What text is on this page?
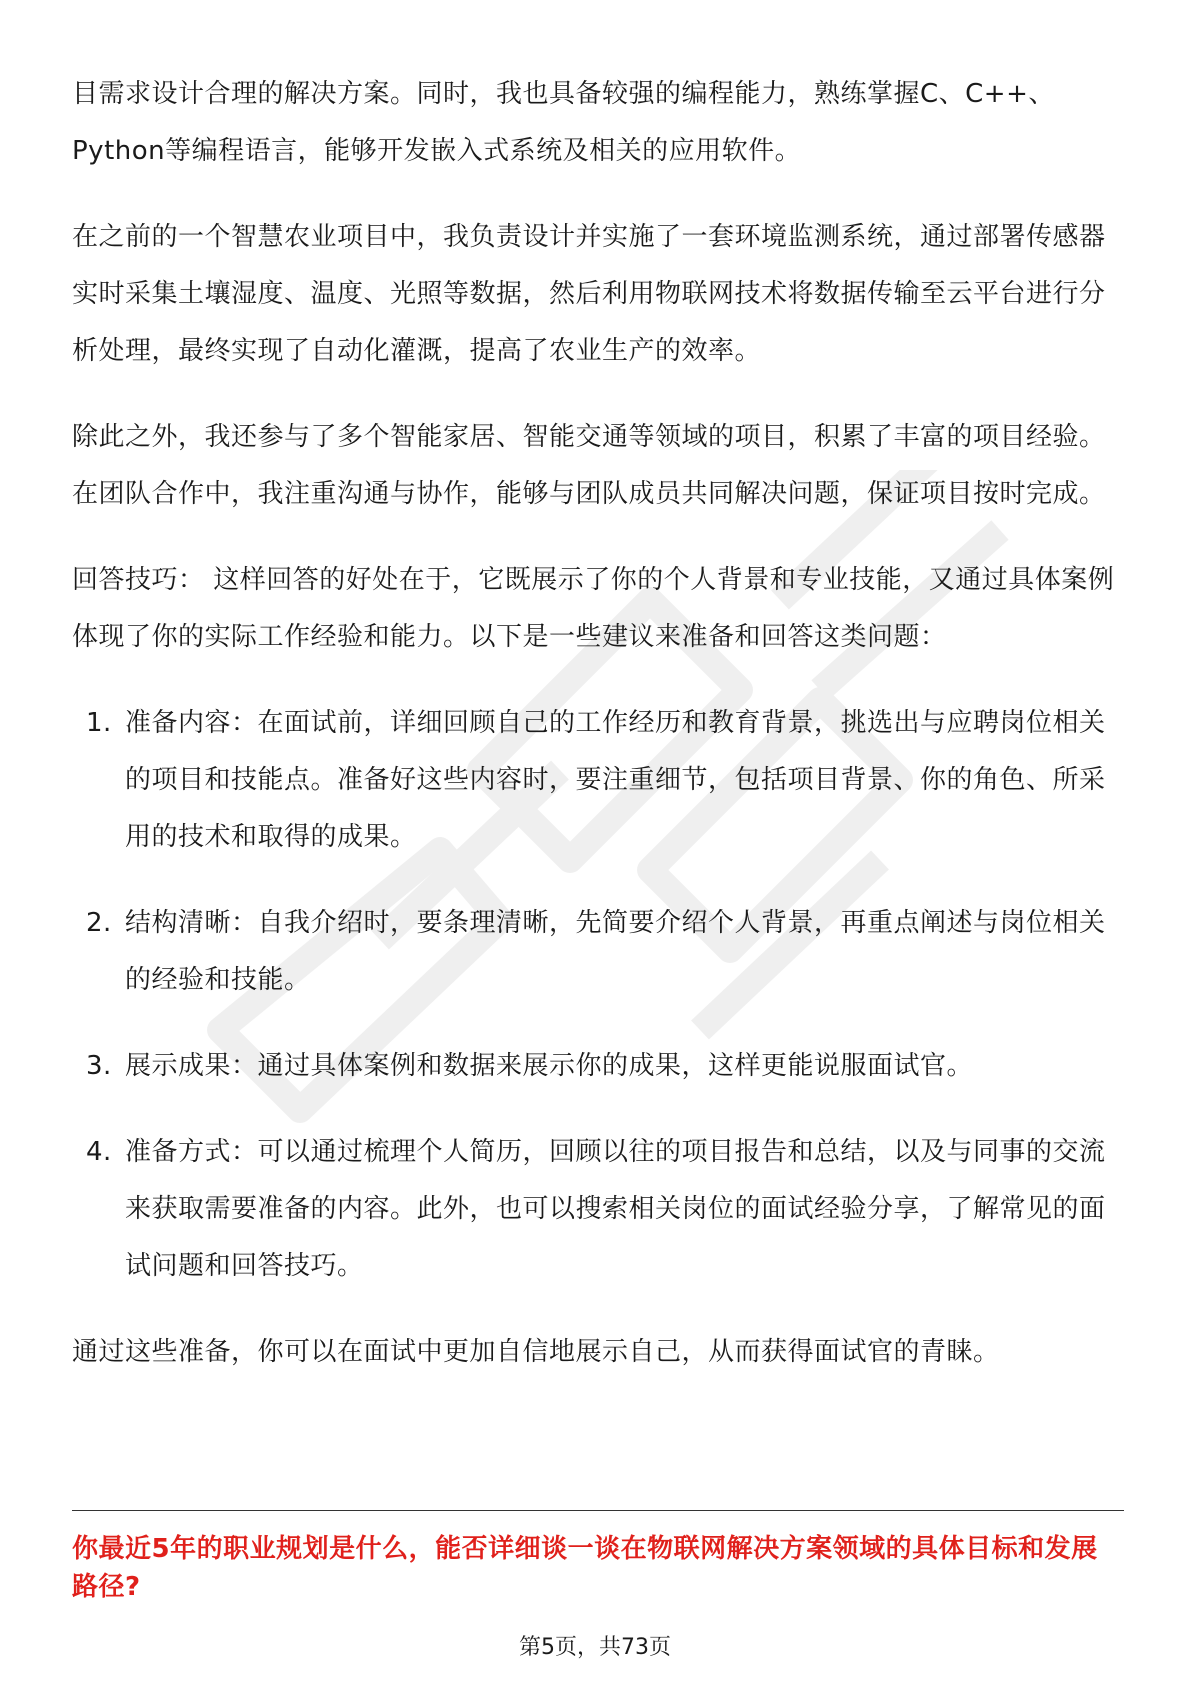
目需求设计合理的解决方案。同时，我也具备较强的编程能力，熟练掌握C、C++、Python等编程语言，能够开发嵌入式系统及相关的应用软件。

在之前的一个智慧农业项目中，我负责设计并实施了一套环境监测系统，通过部署传感器实时采集土壤湿度、温度、光照等数据，然后利用物联网技术将数据传输至云平台进行分析处理，最终实现了自动化灌溉，提高了农业生产的效率。

除此之外，我还参与了多个智能家居、智能交通等领域的项目，积累了丰富的项目经验。在团队合作中，我注重沟通与协作，能够与团队成员共同解决问题，保证项目按时完成。

回答技巧： 这样回答的好处在于，它既展示了你的个人背景和专业技能，又通过具体案例体现了你的实际工作经验和能力。以下是一些建议来准备和回答这类问题：

1. 准备内容：在面试前，详细回顾自己的工作经历和教育背景，挑选出与应聘岗位相关的项目和技能点。准备好这些内容时，要注重细节，包括项目背景、你的角色、所采用的技术和取得的成果。
2. 结构清晰：自我介绍时，要条理清晰，先简要介绍个人背景，再重点阐述与岗位相关的经验和技能。
3. 展示成果：通过具体案例和数据来展示你的成果，这样更能说服面试官。
4. 准备方式：可以通过梳理个人简历，回顾以往的项目报告和总结，以及与同事的交流来获取需要准备的内容。此外，也可以搜索相关岗位的面试经验分享，了解常见的面试问题和回答技巧。

通过这些准备，你可以在面试中更加自信地展示自己，从而获得面试官的青睐。

你最近5年的职业规划是什么，能否详细谈一谈在物联网解决方案领域的具体目标和发展路径?
第5页，共73页
